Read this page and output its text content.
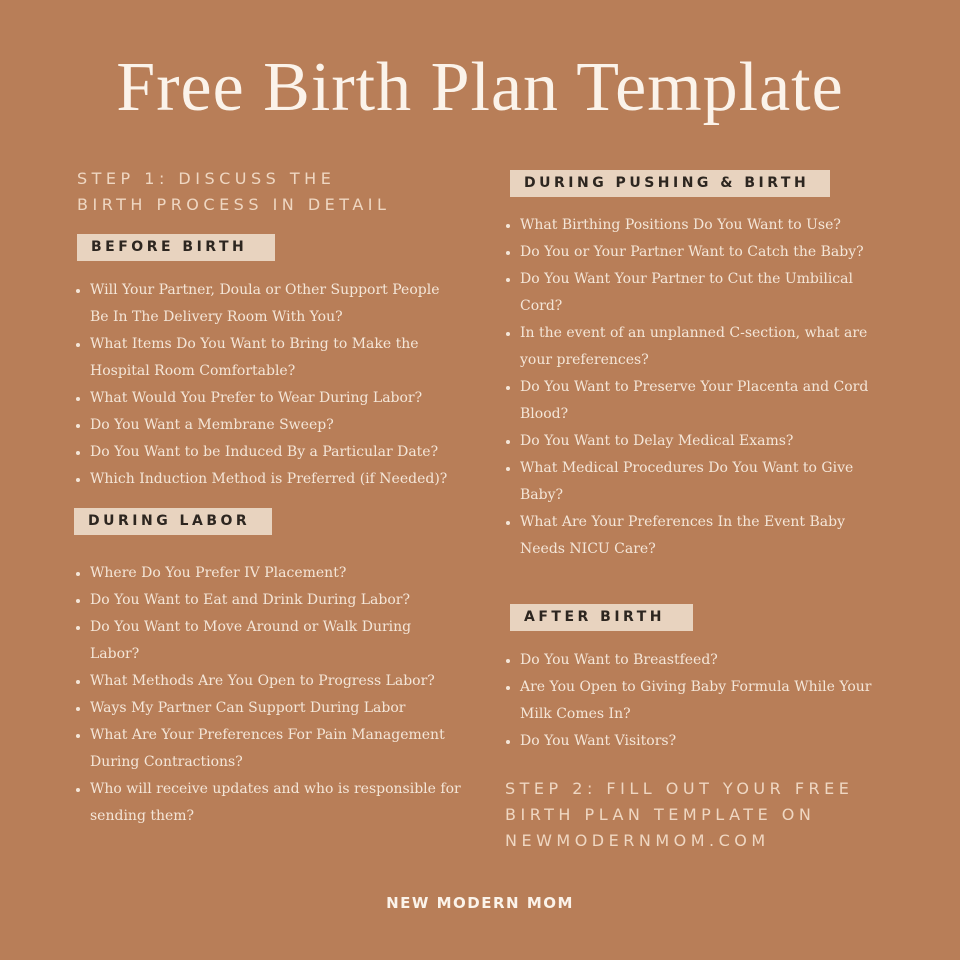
Free Birth Plan Template

STEP 1: DISCUSS THE
BIRTH PROCESS IN DETAIL

BEFORE BIRTH
Will Your Partner, Doula or Other Support People Be In The Delivery Room With You?
What Items Do You Want to Bring to Make the Hospital Room Comfortable?
What Would You Prefer to Wear During Labor?
Do You Want a Membrane Sweep?
Do You Want to be Induced By a Particular Date?
Which Induction Method is Preferred (if Needed)?
DURING LABOR
Where Do You Prefer IV Placement?
Do You Want to Eat and Drink During Labor?
Do You Want to Move Around or Walk During Labor?
What Methods Are You Open to Progress Labor?
Ways My Partner Can Support During Labor
What Are Your Preferences For Pain Management During Contractions?
Who will receive updates and who is responsible for sending them?
DURING PUSHING & BIRTH
What Birthing Positions Do You Want to Use?
Do You or Your Partner Want to Catch the Baby?
Do You Want Your Partner to Cut the Umbilical Cord?
In the event of an unplanned C-section, what are your preferences?
Do You Want to Preserve Your Placenta and Cord Blood?
Do You Want to Delay Medical Exams?
What Medical Procedures Do You Want to Give Baby?
What Are Your Preferences In the Event Baby Needs NICU Care?
AFTER BIRTH
Do You Want to Breastfeed?
Are You Open to Giving Baby Formula While Your Milk Comes In?
Do You Want Visitors?

STEP 2: FILL OUT YOUR FREE
BIRTH PLAN TEMPLATE ON
NEWMODERNMOM.COM

NEW MODERN MOM
